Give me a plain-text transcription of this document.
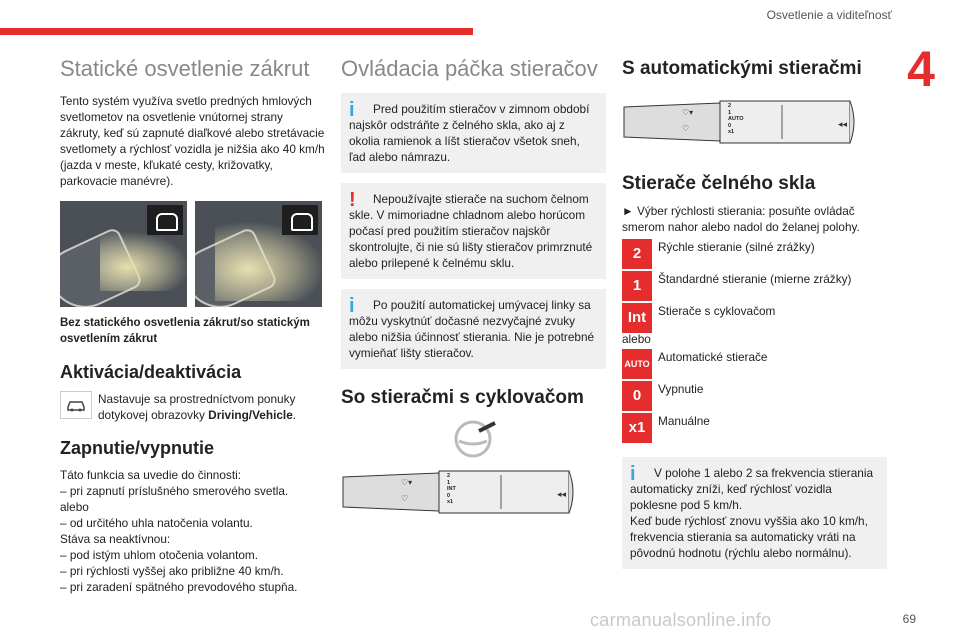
Osvetlenie a viditeľnosť
4
Statické osvetlenie zákrut

Tento systém využíva svetlo predných hmlových svetlometov na osvetlenie vnútornej strany zákruty, keď sú zapnuté diaľkové alebo stretávacie svetlomety a rýchlosť vozidla je nižšia ako 40 km/h (jazda v meste, kľukaté cesty, križovatky, parkovacie manévre).

Bez statického osvetlenia zákrut/so statickým osvetlením zákrut
Aktivácia/deaktivácia

Nastavuje sa prostredníctvom ponuky dotykovej obrazovky Driving/Vehicle.

Zapnutie/vypnutie

Táto funkcia sa uvedie do činnosti:

– pri zapnutí príslušného smerového svetla.

alebo

– od určitého uhla natočenia volantu.

Stáva sa neaktívnou:

– pod istým uhlom otočenia volantom.

– pri rýchlosti vyššej ako približne 40 km/h.

– pri zaradení spätného prevodového stupňa.

Ovládacia páčka stieračov
i	Pred použitím stieračov v zimnom období najskôr odstráňte z čelného skla, ako aj z okolia ramienok a líšt stieračov všetok sneh, ľad alebo námrazu.

!	Nepoužívajte stierače na suchom čelnom skle. V mimoriadne chladnom alebo horúcom počasí pred použitím stieračov najskôr skontrolujte, či nie sú lišty stieračov primrznuté alebo prilepené k čelnému sklu.

i	Po použití automatickej umývacej linky sa môžu vyskytnúť dočasné nezvyčajné zvuky alebo nižšia účinnosť stierania. Nie je potrebné vymieňať lišty stieračov.

So stieračmi s cyklovačom
♡▾
♡	◂◂
2
1
INT
0
x1
S automatickými stieračmi
♡▾
♡	◂◂
2
1
AUTO
0
x1
Stierače čelného skla

► Výber rýchlosti stierania: posuňte ovládač smerom nahor alebo nadol do želanej polohy.

2	Rýchle stieranie (silné zrážky)
1	Štandardné stieranie (mierne zrážky)
Int	Stierače s cyklovačom

alebo

AUTO Automatické stierače
0	Vypnutie
x1	Manuálne
i	V polohe 1 alebo 2 sa frekvencia stierania automaticky zníži, keď rýchlosť vozidla poklesne pod 5 km/h.

Keď bude rýchlosť znovu vyššia ako 10 km/h, frekvencia stierania sa automaticky vráti na pôvodnú hodnotu (rýchlu alebo normálnu).

carmanualsonline.info	69
